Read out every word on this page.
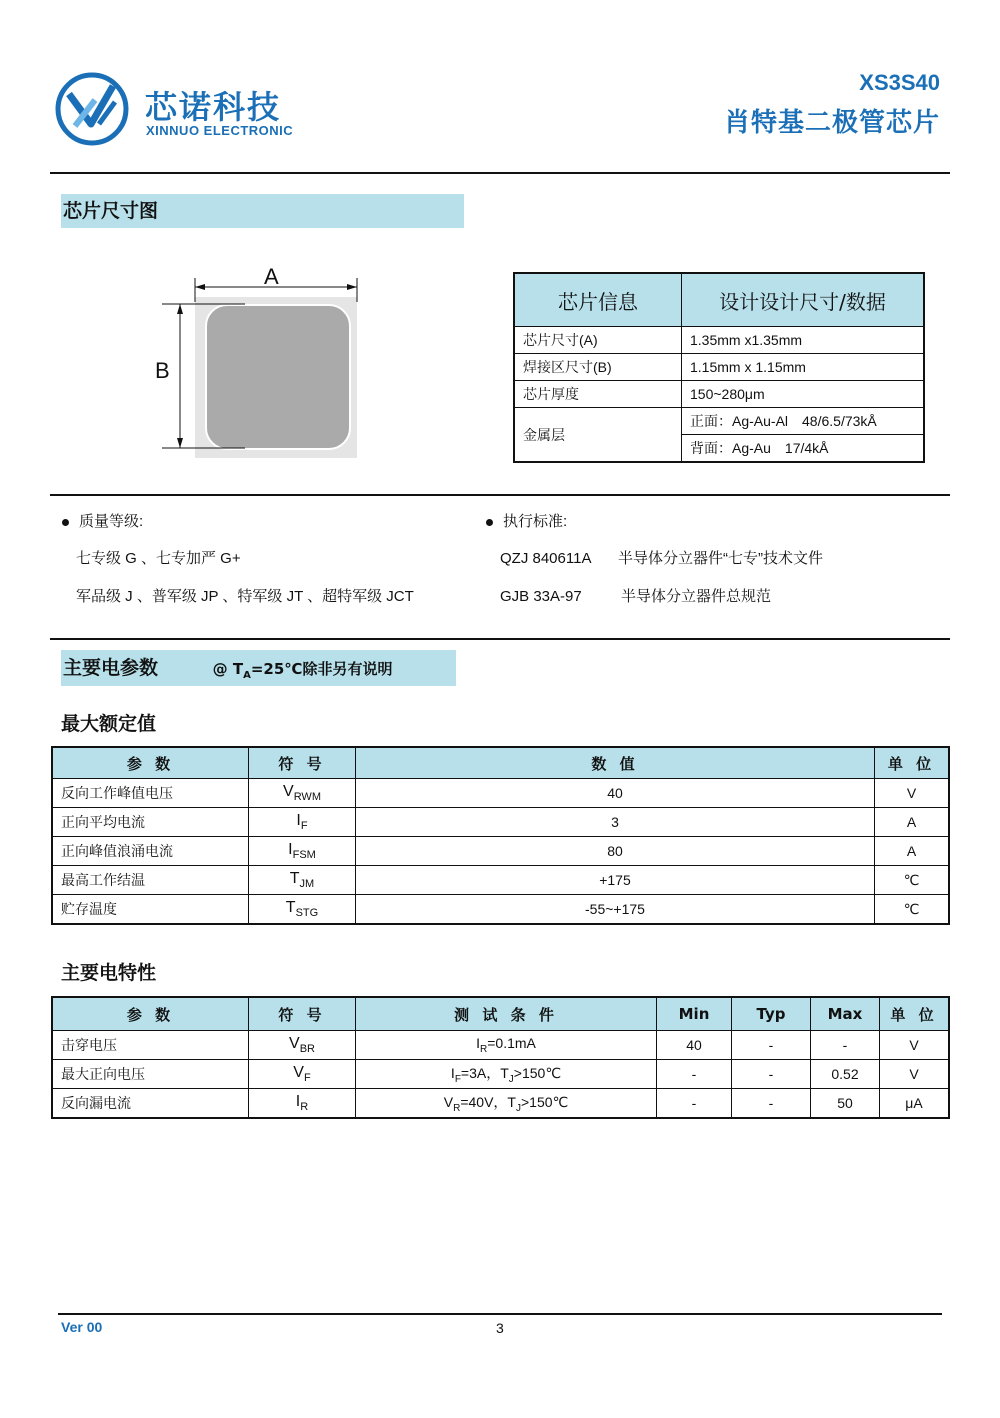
芯诺科技
XINNUO ELECTRONIC
XS3S40
肖特基二极管芯片
芯片尺寸图
A
B
芯片信息	设计设计尺寸/数据
芯片尺寸(A)	1.35mm x1.35mm
焊接区尺寸(B)	1.15mm x 1.15mm
芯片厚度	150~280μm
金属层	正面：Ag-Au-Al　48/6.5/73kÅ
	背面：Ag-Au　17/4kÅ
质量等级:
七专级 G 、七专加严 G+
军品级 J 、普军级 JP 、特军级 JT 、超特军级 JCT
执行标准:
QZJ 840611A 半导体分立器件“七专”技术文件
GJB 33A-97	半导体分立器件总规范
主要电参数	@ $T_A=25℃$除非另有说明
最大额定值
参 数	符 号	数 值	单 位
反向工作峰值电压	$V_{RWM}$	40	V
正向平均电流	$I_F$	3	A
正向峰值浪涌电流	$I_{FSM}$	80	A
最高工作结温	$T_{JM}$	+175	℃
贮存温度	$T_{STG}$	-55~+175	℃
主要电特性
参 数	符 号	测 试 条 件	Min	Typ	Max	单 位
击穿电压	$V_{BR}$	$I_R=0.1mA$	40	-	-	V
最大正向电压	$V_F$	$I_F=3A$，$T_J>150℃$	-	-	0.52	V
反向漏电流	$I_R$	$V_R=40V$，$T_J>150℃$	-	-	50	μA
Ver 00	3
